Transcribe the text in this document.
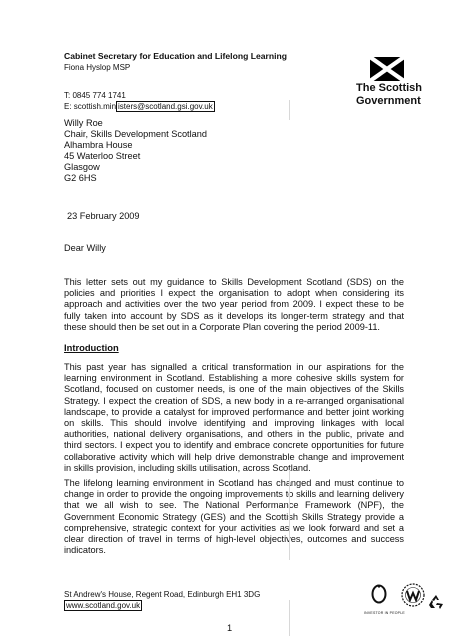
Cabinet Secretary for Education and Lifelong Learning
Fiona Hyslop MSP
T: 0845 774 1741
E: scottish.min isters@scotland.gsi.gov.uk
The Scottish
Government
Willy Roe
Chair, Skills Development Scotland
Alhambra House
45 Waterloo Street
Glasgow
G2 6HS
23 February 2009
Dear Willy
This letter sets out my guidance to Skills Development Scotland (SDS) on the policies and priorities I expect the organisation to adopt when considering its approach and activities over the two year period from 2009. I expect these to be fully taken into account by SDS as it develops its longer-term strategy and that these should then be set out in a Corporate Plan covering the period 2009-11.
Introduction
This past year has signalled a critical transformation in our aspirations for the learning environment in Scotland. Establishing a more cohesive skills system for Scotland, focused on customer needs, is one of the main objectives of the Skills Strategy. I expect the creation of SDS, a new body in a re-arranged organisational landscape, to provide a catalyst for improved performance and better joint working on skills. This should involve identifying and improving linkages with local authorities, national delivery organisations, and others in the public, private and third sectors. I expect you to identify and embrace concrete opportunities for future collaborative activity which will help drive demonstrable change and improvement in skills provision, including skills utilisation, across Scotland.
The lifelong learning environment in Scotland has changed and must continue to change in order to provide the ongoing improvements to skills and learning delivery that we all wish to see. The National Performance Framework (NPF), the Government Economic Strategy (GES) and the Scottish Skills Strategy provide a comprehensive, strategic context for your activities as we look forward and set a clear direction of travel in terms of high-level objectives, outcomes and success indicators.
St Andrew's House, Regent Road, Edinburgh EH1 3DG
www.scotland.gov.uk
1
INVESTOR IN PEOPLE
